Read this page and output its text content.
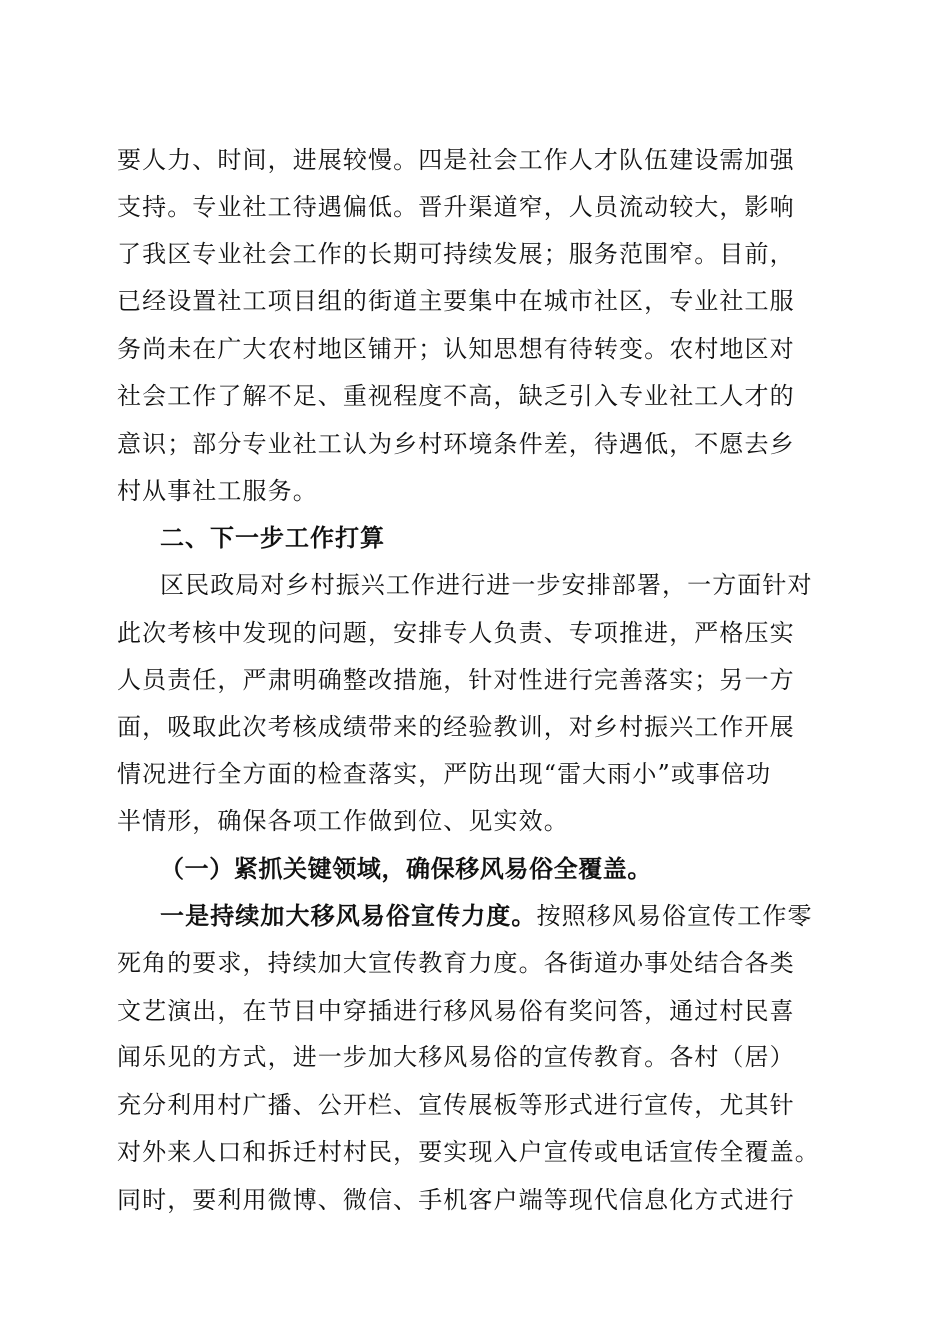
要人力、时间，进展较慢。四是社会工作人才队伍建设需加强
支持。专业社工待遇偏低。晋升渠道窄，人员流动较大，影响
了我区专业社会工作的长期可持续发展；服务范围窄。目前，
已经设置社工项目组的街道主要集中在城市社区，专业社工服
务尚未在广大农村地区铺开；认知思想有待转变。农村地区对
社会工作了解不足、重视程度不高，缺乏引入专业社工人才的
意识；部分专业社工认为乡村环境条件差，待遇低，不愿去乡
村从事社工服务。
二、下一步工作打算
区民政局对乡村振兴工作进行进一步安排部署，一方面针对
此次考核中发现的问题，安排专人负责、专项推进，严格压实
人员责任，严肃明确整改措施，针对性进行完善落实；另一方
面，吸取此次考核成绩带来的经验教训，对乡村振兴工作开展
情况进行全方面的检查落实，严防出现“雷大雨小”或事倍功
半情形，确保各项工作做到位、见实效。
（一）紧抓关键领域，确保移风易俗全覆盖。
一是持续加大移风易俗宣传力度。按照移风易俗宣传工作零
死角的要求，持续加大宣传教育力度。各街道办事处结合各类
文艺演出，在节目中穿插进行移风易俗有奖问答，通过村民喜
闻乐见的方式，进一步加大移风易俗的宣传教育。各村（居）
充分利用村广播、公开栏、宣传展板等形式进行宣传，尤其针
对外来人口和拆迁村村民，要实现入户宣传或电话宣传全覆盖。
同时，要利用微博、微信、手机客户端等现代信息化方式进行
